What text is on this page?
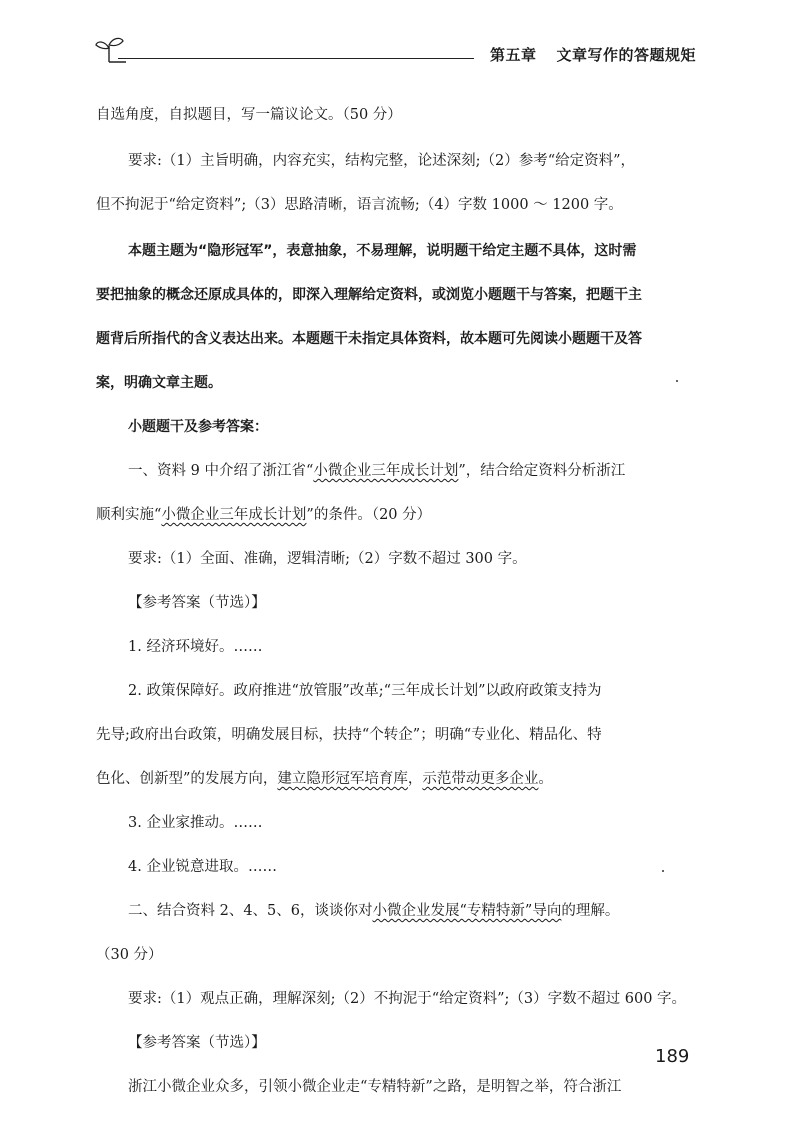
第五章 文章写作的答题规矩
自选角度，自拟题目，写一篇议论文。（50 分）
要求:（1）主旨明确，内容充实，结构完整，论述深刻;（2）参考“给定资料”，
但不拘泥于“给定资料”;（3）思路清晰，语言流畅;（4）字数 1000 ～ 1200 字。
本题主题为“隐形冠军”，表意抽象，不易理解，说明题干给定主题不具体，这时需
要把抽象的概念还原成具体的，即深入理解给定资料，或浏览小题题干与答案，把题干主
题背后所指代的含义表达出来。本题题干未指定具体资料，故本题可先阅读小题题干及答
案，明确文章主题。
小题题干及参考答案：
一、资料 9 中介绍了浙江省“小微企业三年成长计划”，结合给定资料分析浙江
顺利实施“小微企业三年成长计划”的条件。（20 分）
要求:（1）全面、准确，逻辑清晰;（2）字数不超过 300 字。
【参考答案（节选）】
1. 经济环境好。……
2. 政策保障好。政府推进“放管服”改革;“三年成长计划”以政府政策支持为
先导;政府出台政策，明确发展目标，扶持“个转企”；明确“专业化、精品化、特
色化、创新型”的发展方向，建立隐形冠军培育库，示范带动更多企业。
3. 企业家推动。……
4. 企业锐意进取。……
二、结合资料 2、4、5、6，谈谈你对小微企业发展“专精特新”导向的理解。
（30 分）
要求:（1）观点正确，理解深刻;（2）不拘泥于“给定资料”;（3）字数不超过 600 字。
【参考答案（节选）】
浙江小微企业众多，引领小微企业走“专精特新”之路，是明智之举，符合浙江
189
